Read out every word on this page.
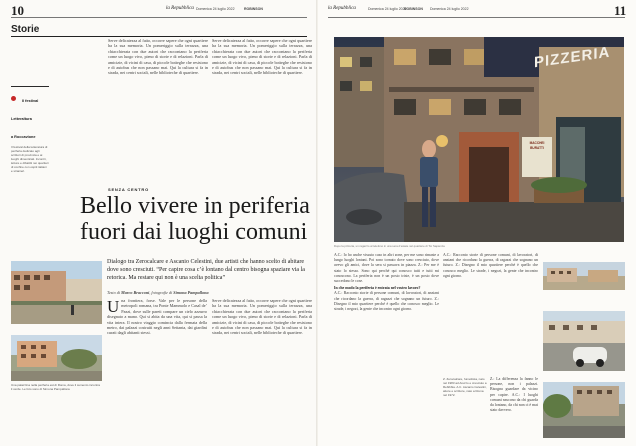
10	la Repubblica Domenica 24 luglio 2022	ROBINSON
Storie
Il festival
Letteraltura
a Roccavione
Il festival della letteratura di periferia dedicato agli scrittori di provincia e ai luoghi dimenticati. Incontri, letture e dibattiti nei quartieri di confine con ospiti italiani e stranieri.
Serve delicatezza al fatto, occorre sapere che ogni quartiere ha la sua memoria. Un pomeriggio sulla terrazza, una chiacchierata con due autori che raccontano la periferia come un luogo vivo, pieno di storie e di relazioni. Parla di amicizie, di vicini di casa, di piccole botteghe che resistono e di autobus che non passano mai. Qui la cultura si fa in strada, nei centri sociali, nelle biblioteche di quartiere.
Serve delicatezza al fatto, occorre sapere che ogni quartiere ha la sua memoria. Un pomeriggio sulla terrazza, una chiacchierata con due autori che raccontano la periferia come un luogo vivo, pieno di storie e di relazioni. Parla di amicizie, di vicini di casa, di piccole botteghe che resistono e di autobus che non passano mai. Qui la cultura si fa in strada, nei centri sociali, nelle biblioteche di quartiere.
SENZA CENTRO
Bello vivere in periferia fuori dai luoghi comuni
Dialogo tra Zerocalcare e Ascanio Celestini, due artisti che hanno scelto di abitare dove sono cresciuti. “Per capire cosa c’è lontano dal centro bisogna spaziare via la retorica. Ma restare qui non è una scelta politica”
Testo di Marco Bracconi, fotografie di Simona Pampallona
Una palazzina nella periferia est di Roma, dove il cemento incontra il verde. Le foto sono di Simona Pampallona
Una frontiera, forse. Vale per le persone della metropoli romana, tra Ponte Mammolo e Casal de’ Pazzi, dove sulle pareti compare un cielo azzurro disegnato a mano. Qui si abita da una vita, qui si passa la vita intera. Il nostro viaggio comincia dalla fermata della metro, dai palazzi costruiti negli anni Settanta, dai giardini curati dagli abitanti stessi.
Serve delicatezza al fatto, occorre sapere che ogni quartiere ha la sua memoria. Un pomeriggio sulla terrazza, una chiacchierata con due autori che raccontano la periferia come un luogo vivo, pieno di storie e di relazioni. Parla di amicizie, di vicini di casa, di piccole botteghe che resistono e di autobus che non passano mai. Qui la cultura si fa in strada, nei centri sociali, nelle biblioteche di quartiere.
Domenica 24 luglio 2022
ROBINSON Domenica 24 luglio 2022
la Repubblica	11
PIZZERIA
MACCHEI
BURATTI
Dopo la pizzeria, un ragazzo al telefono in una sera d’estate nel quartiere di Tor Sapienza
A.C.: Io ho anche vissuto caso in altri zone, per me sono rimaste a lungo luoghi lontani. Poi sono tornato dove sono cresciuto, dove avevo gli amici, dove la sera si passava in piazza. Z.: Per me è stato lo stesso. Sono qui perché qui conosco tutti e tutti mi conoscono. La periferia non è un posto triste, è un posto dove succedono le cose.
In che modo la periferia è entrata nel vostro lavoro?
A.C.: Racconto storie di persone comuni, di lavoratori, di anziani che ricordano la guerra, di ragazzi che sognano un futuro. Z.: Disegno il mio quartiere perché è quello che conosco meglio. Le strade, i negozi, la gente che incontro ogni giorno.
A.C.: Racconto storie di persone comuni, di lavoratori, di anziani che ricordano la guerra, di ragazzi che sognano un futuro. Z.: Disegno il mio quartiere perché è quello che conosco meglio. Le strade, i negozi, la gente che incontro ogni giorno.
Z. Zerocalcare, fumettista, nato nel 1983 ad Arezzo e cresciuto a Rebibbia. A.C. Ascanio Celestini, attore e scrittore, nato a Roma nel 1972.
Z.: La differenza la fanno le persone, non i palazzi. Bisogna guardare da vicino per capire. A.C.: I luoghi comuni nascono da chi guarda da lontano, da chi non ci è mai stato davvero.
